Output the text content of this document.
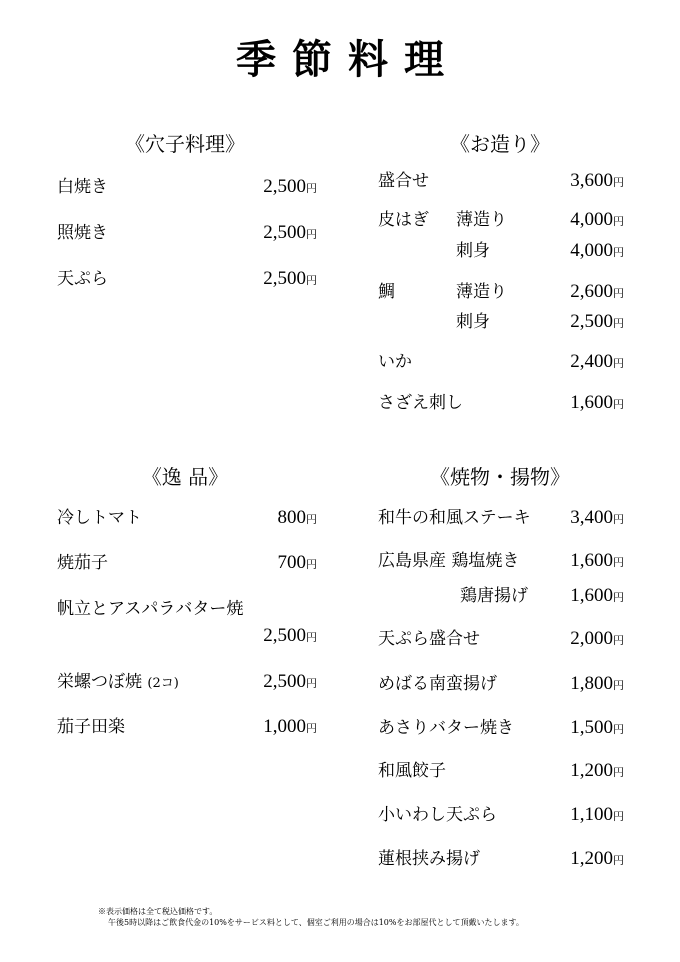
季節料理
《穴子料理》
白焼き	2,500円
照焼き	2,500円
天ぷら	2,500円
《お造り》
盛合せ	3,600円
皮はぎ 薄造り	4,000円
刺身	4,000円
鯛	薄造り	2,600円
刺身	2,500円
いか	2,400円
さざえ刺し	1,600円
《逸 品》
冷しトマト	800円
焼茄子	700円
帆立とアスパラバター焼
2,500円
栄螺つぼ焼 (2コ)	2,500円
茄子田楽	1,000円
《焼物・揚物》
和牛の和風ステーキ 3,400円
広島県産 鶏塩焼き	1,600円
鶏唐揚げ 1,600円
天ぷら盛合せ	2,000円
めばる南蛮揚げ	1,800円
あさりバター焼き	1,500円
和風餃子	1,200円
小いわし天ぷら	1,100円
蓮根挟み揚げ	1,200円
※表示価格は全て税込価格です。
午後5時以降はご飲食代金の10%をサービス料として、個室ご利用の場合は10%をお部屋代として頂戴いたします。
